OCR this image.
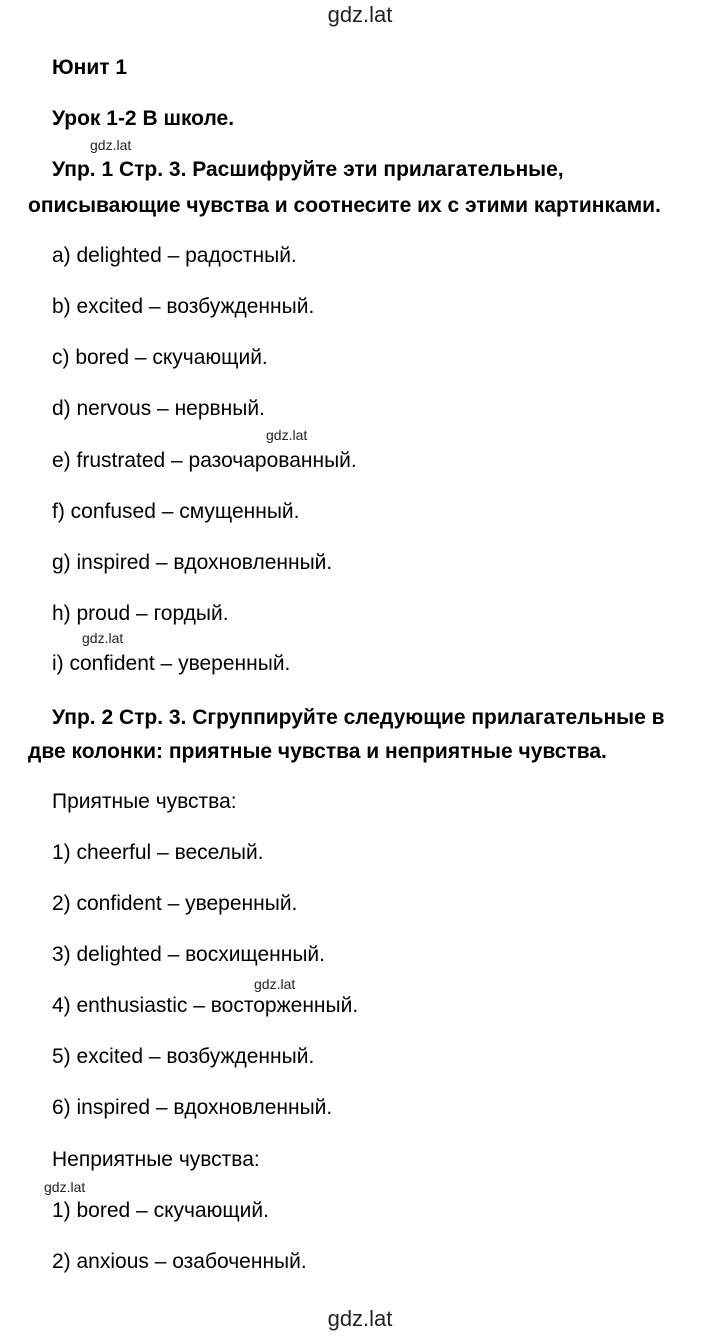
gdz.lat
Юнит 1
Урок 1-2 В школе.
gdz.lat
Упр. 1 Стр. 3. Расшифруйте эти прилагательные,
описывающие чувства и соотнесите их с этими картинками.
a) delighted – радостный.
b) excited – возбужденный.
c) bored – скучающий.
d) nervous – нервный.
gdz.lat
e) frustrated – разочарованный.
f) confused – смущенный.
g) inspired – вдохновленный.
h) proud – гордый.
gdz.lat
i) confident – уверенный.
Упр. 2 Стр. 3. Сгруппируйте следующие прилагательные в
две колонки: приятные чувства и неприятные чувства.
Приятные чувства:
1) cheerful – веселый.
2) confident – уверенный.
3) delighted – восхищенный.
gdz.lat
4) enthusiastic – восторженный.
5) excited – возбужденный.
6) inspired – вдохновленный.
Неприятные чувства:
gdz.lat
1) bored – скучающий.
2) anxious – озабоченный.
gdz.lat
